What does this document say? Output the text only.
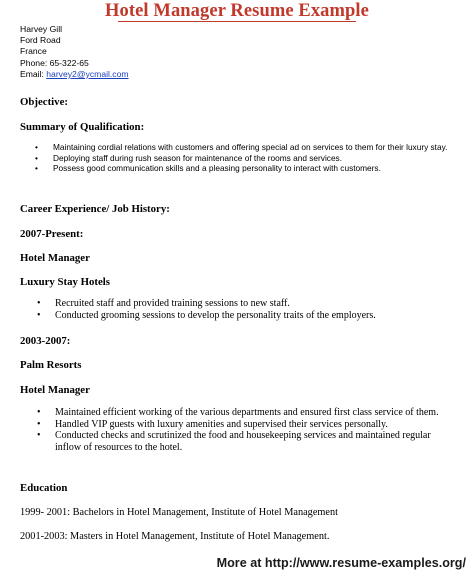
Hotel Manager Resume Example
Harvey Gill
Ford Road
France
Phone: 65-322-65
Email: harvey2@ycmail.com
Objective:
Summary of Qualification:
• Maintaining cordial relations with customers and offering special ad on services to them for their luxury stay.
• Deploying staff during rush season for maintenance of the rooms and services.
• Possess good communication skills and a pleasing personality to interact with customers.
Career Experience/ Job History:
2007-Present:
Hotel Manager
Luxury Stay Hotels
• Recruited staff and provided training sessions to new staff.
• Conducted grooming sessions to develop the personality traits of the employers.
2003-2007:
Palm Resorts
Hotel Manager
• Maintained efficient working of the various departments and ensured first class service of them.
• Handled VIP guests with luxury amenities and supervised their services personally.
• Conducted checks and scrutinized the food and housekeeping services and maintained regular inflow of resources to the hotel.
Education
1999- 2001: Bachelors in Hotel Management, Institute of Hotel Management
2001-2003: Masters in Hotel Management, Institute of Hotel Management.
More at http://www.resume-examples.org/
